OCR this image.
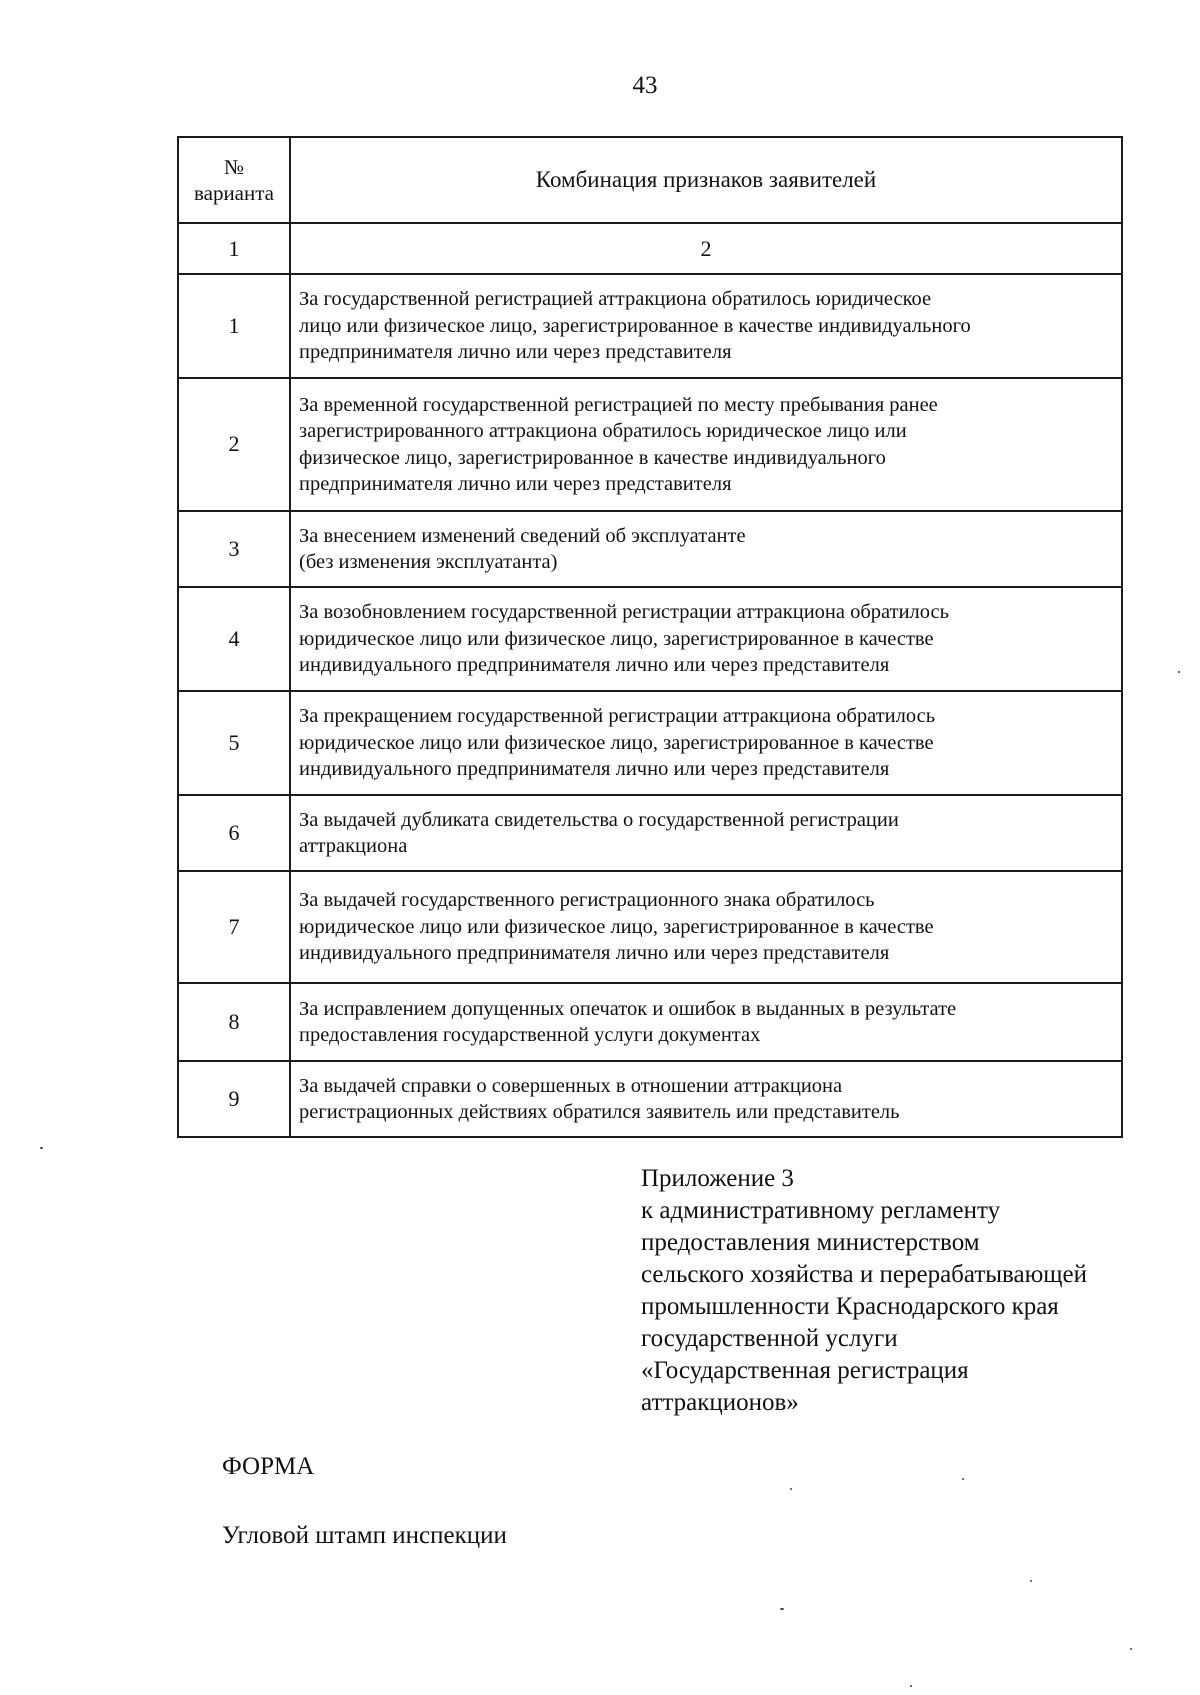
43
№
варианта	Комбинация признаков заявителей
1	2
1	За государственной регистрацией аттракциона обратилось юридическое
лицо или физическое лицо, зарегистрированное в качестве индивидуального
предпринимателя лично или через представителя

2	За временной государственной регистрацией по месту пребывания ранее
зарегистрированного аттракциона обратилось юридическое лицо или
физическое лицо, зарегистрированное в качестве индивидуального
предпринимателя лично или через представителя

3	За внесением изменений сведений об эксплуатанте
(без изменения эксплуатанта)

4	За возобновлением государственной регистрации аттракциона обратилось
юридическое лицо или физическое лицо, зарегистрированное в качестве
индивидуального предпринимателя лично или через представителя

5	За прекращением государственной регистрации аттракциона обратилось
юридическое лицо или физическое лицо, зарегистрированное в качестве
индивидуального предпринимателя лично или через представителя

6	За выдачей дубликата свидетельства о государственной регистрации
аттракциона

7	За выдачей государственного регистрационного знака обратилось
юридическое лицо или физическое лицо, зарегистрированное в качестве
индивидуального предпринимателя лично или через представителя

8	За исправлением допущенных опечаток и ошибок в выданных в результате
предоставления государственной услуги документах

9	За выдачей справки о совершенных в отношении аттракциона
регистрационных действиях обратился заявитель или представитель
Приложение 3
к административному регламенту
предоставления министерством
сельского хозяйства и перерабатывающей
промышленности Краснодарского края
государственной услуги
«Государственная регистрация
аттракционов»
ФОРМА
Угловой штамп инспекции
